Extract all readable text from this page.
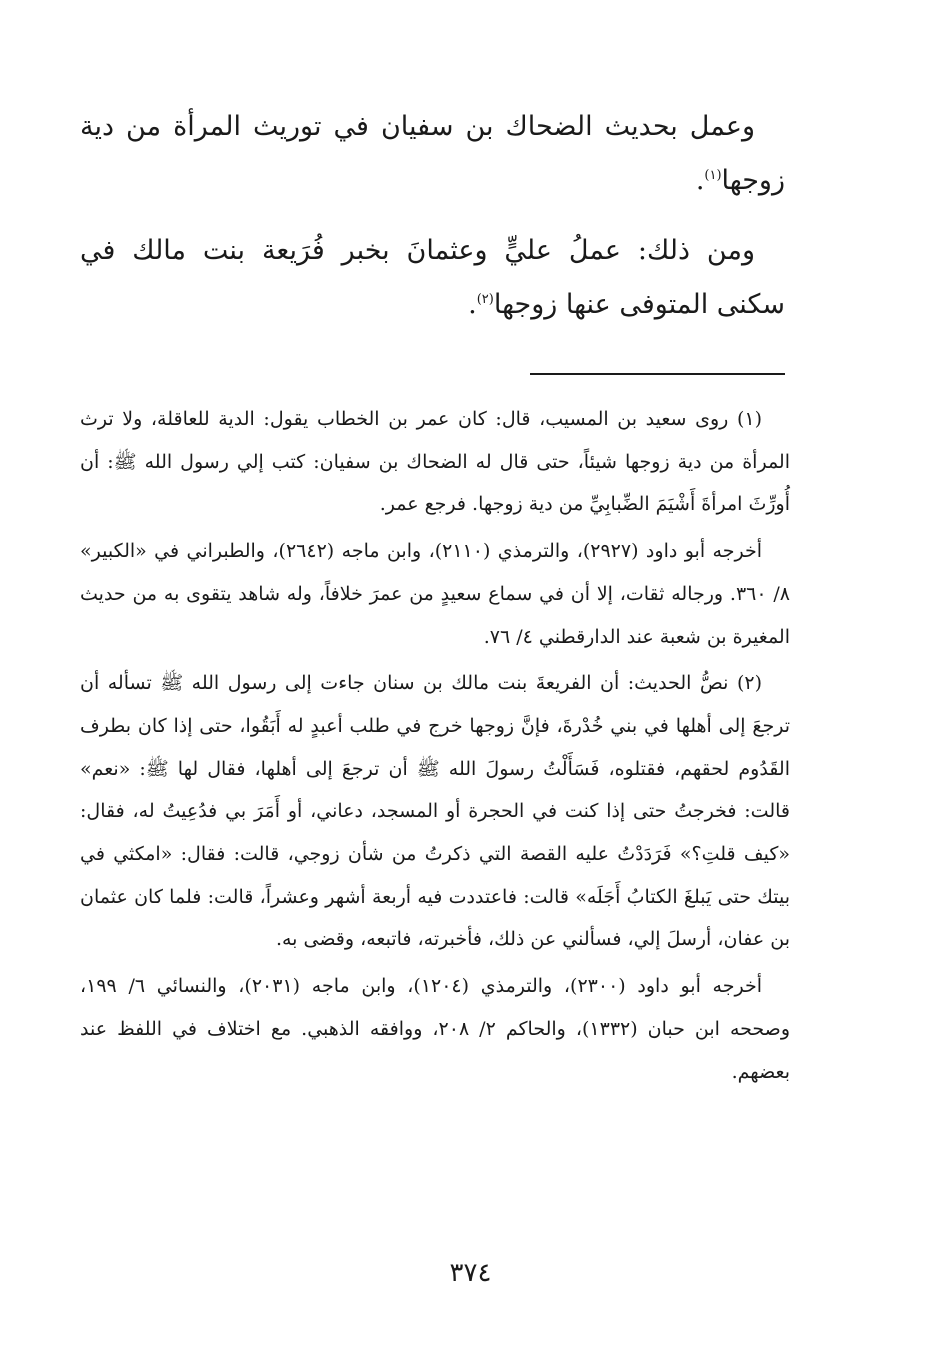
وعمل بحديث الضحاك بن سفيان في توريث المرأة من دية زوجها$^{(١)}$.

ومن ذلك: عملُ عليٍّ وعثمانَ بخبر فُرَيعة بنت مالك في سكنى المتوفى عنها زوجها$^{(٢)}$.

(١) روى سعيد بن المسيب، قال: كان عمر بن الخطاب يقول: الدية للعاقلة، ولا ترث المرأة من دية زوجها شيئاً، حتى قال له الضحاك بن سفيان: كتب إلي رسول الله ﷺ: أن أُورِّثَ امرأةَ أَشْيَمَ الضِّبابِيِّ من دية زوجها. فرجع عمر.

أخرجه أبو داود (٢٩٢٧)، والترمذي (٢١١٠)، وابن ماجه (٢٦٤٢)، والطبراني في «الكبير» ٨/ ٣٦٠. ورجاله ثقات، إلا أن في سماع سعيدٍ من عمرَ خلافاً، وله شاهد يتقوى به من حديث المغيرة بن شعبة عند الدارقطني ٤/ ٧٦.

(٢) نصُّ الحديث: أن الفريعةَ بنت مالك بن سنان جاءت إلى رسول الله ﷺ تسأله أن ترجعَ إلى أهلها في بني خُدْرةَ، فإنَّ زوجها خرج في طلب أعبدٍ له أَبَقُوا، حتى إذا كان بطرف القَدُوم لحقهم، فقتلوه، فَسَأَلْتُ رسولَ الله ﷺ أن ترجعَ إلى أهلها، فقال لها ﷺ: «نعم» قالت: فخرجتُ حتى إذا كنت في الحجرة أو المسجد، دعاني، أو أَمَرَ بي فدُعِيتُ له، فقال: «كيف قلتِ؟» فَرَدَدْتُ عليه القصة التي ذكرتُ من شأن زوجي، قالت: فقال: «امكثي في بيتك حتى يَبلغَ الكتابُ أَجَلَه» قالت: فاعتددت فيه أربعة أشهر وعشراً، قالت: فلما كان عثمان بن عفان، أرسلَ إلي، فسألني عن ذلك، فأخبرته، فاتبعه، وقضى به.

أخرجه أبو داود (٢٣٠٠)، والترمذي (١٢٠٤)، وابن ماجه (٢٠٣١)، والنسائي ٦/ ١٩٩، وصححه ابن حبان (١٣٣٢)، والحاكم ٢/ ٢٠٨، ووافقه الذهبي. مع اختلاف في اللفظ عند بعضهم.

٣٧٤
